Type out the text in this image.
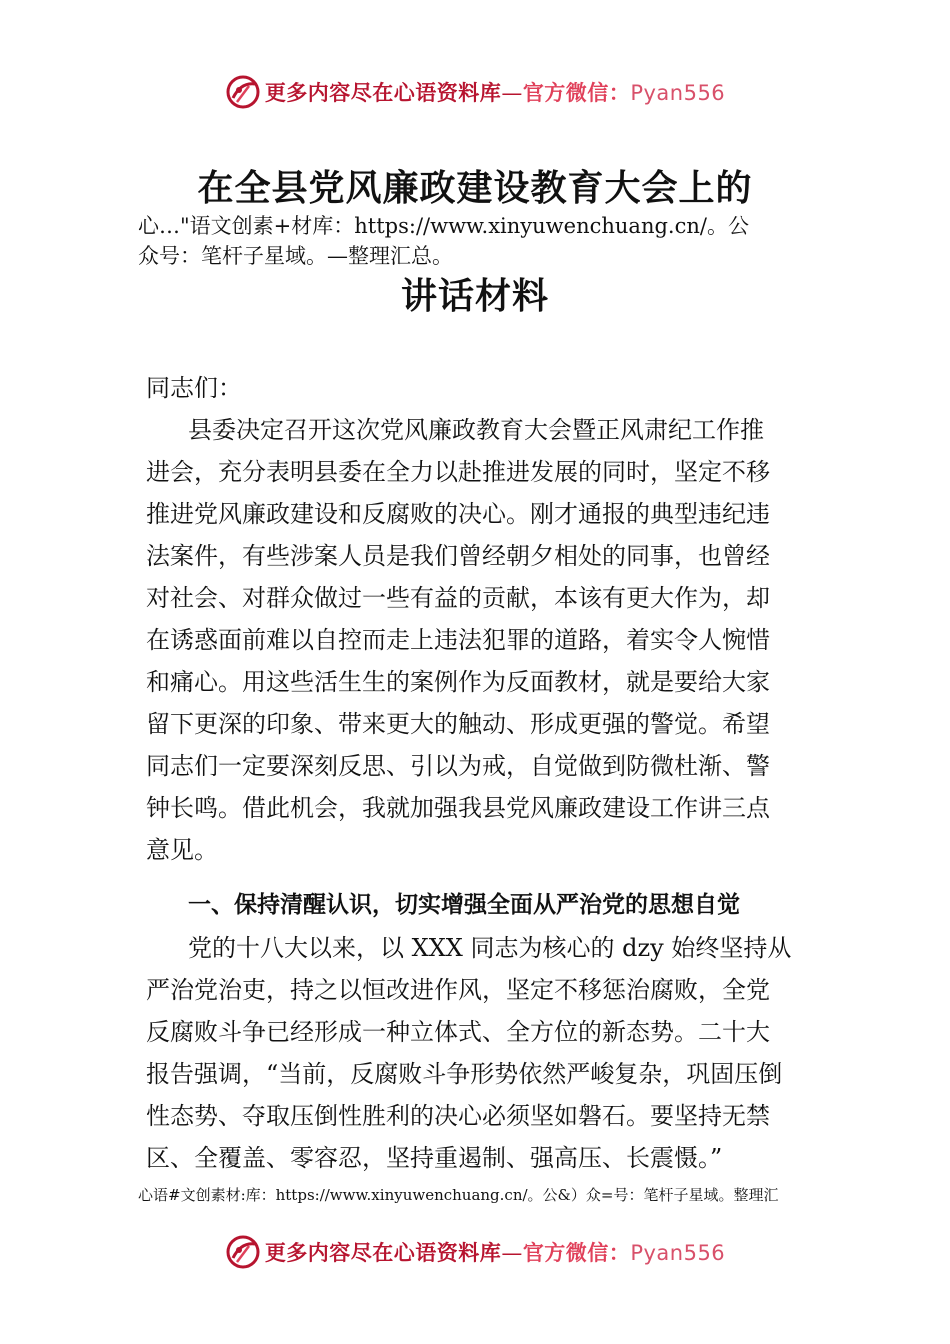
更多内容尽在心语资料库—官方微信：Pyan556
在全县党风廉政建设教育大会上的
心…"语文创素+材库：https://www.xinyuwenchuang.cn/。公
众号：笔杆子星域。—整理汇总。
讲话材料
同志们：
县委决定召开这次党风廉政教育大会暨正风肃纪工作推
进会，充分表明县委在全力以赴推进发展的同时，坚定不移
推进党风廉政建设和反腐败的决心。刚才通报的典型违纪违
法案件，有些涉案人员是我们曾经朝夕相处的同事，也曾经
对社会、对群众做过一些有益的贡献，本该有更大作为，却
在诱惑面前难以自控而走上违法犯罪的道路，着实令人惋惜
和痛心。用这些活生生的案例作为反面教材，就是要给大家
留下更深的印象、带来更大的触动、形成更强的警觉。希望
同志们一定要深刻反思、引以为戒，自觉做到防微杜渐、警
钟长鸣。借此机会，我就加强我县党风廉政建设工作讲三点
意见。
一、保持清醒认识，切实增强全面从严治党的思想自觉
党的十八大以来，以 XXX 同志为核心的 dzy 始终坚持从
严治党治吏，持之以恒改进作风，坚定不移惩治腐败，全党
反腐败斗争已经形成一种立体式、全方位的新态势。二十大
报告强调，“当前，反腐败斗争形势依然严峻复杂，巩固压倒
性态势、夺取压倒性胜利的决心必须坚如磐石。要坚持无禁
区、全覆盖、零容忍，坚持重遏制、强高压、长震慑。”
心语#文创素材:库：https://www.xinyuwenchuang.cn/。公&）众=号：笔杆子星域。整理汇
更多内容尽在心语资料库—官方微信：Pyan556
